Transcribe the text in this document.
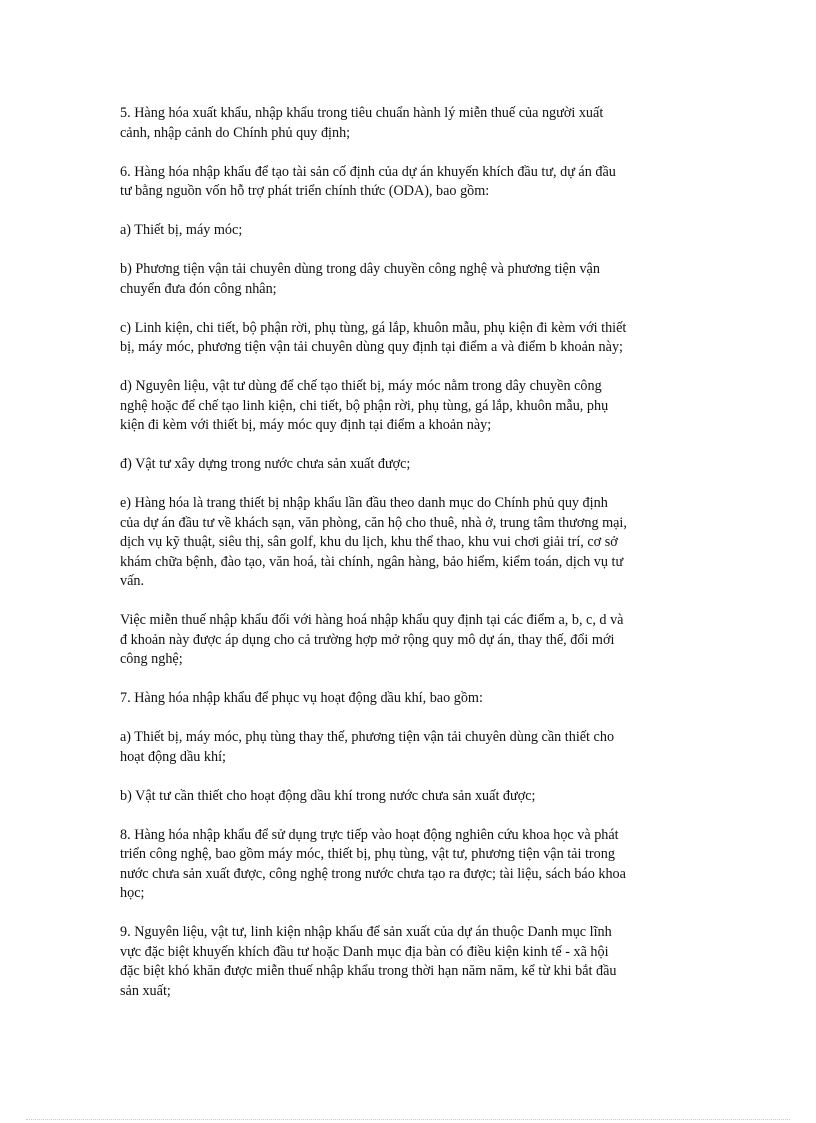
5. Hàng hóa xuất khẩu, nhập khẩu trong tiêu chuẩn hành lý miễn thuế của người xuất
cảnh, nhập cảnh do Chính phủ quy định;

6. Hàng hóa nhập khẩu để tạo tài sản cố định của dự án khuyến khích đầu tư, dự án đầu
tư bằng nguồn vốn hỗ trợ phát triển chính thức (ODA), bao gồm:

a) Thiết bị, máy móc;

b) Phương tiện vận tải chuyên dùng trong dây chuyền công nghệ và phương tiện vận
chuyển đưa đón công nhân;

c) Linh kiện, chi tiết, bộ phận rời, phụ tùng, gá lắp, khuôn mẫu, phụ kiện đi kèm với thiết
bị, máy móc, phương tiện vận tải chuyên dùng quy định tại điểm a và điểm b khoản này;

d) Nguyên liệu, vật tư dùng để chế tạo thiết bị, máy móc nằm trong dây chuyền công
nghệ hoặc để chế tạo linh kiện, chi tiết, bộ phận rời, phụ tùng, gá lắp, khuôn mẫu, phụ
kiện đi kèm với thiết bị, máy móc quy định tại điểm a khoản này;

đ) Vật tư xây dựng trong nước chưa sản xuất được;

e) Hàng hóa là trang thiết bị nhập khẩu lần đầu theo danh mục do Chính phủ quy định
của dự án đầu tư về khách sạn, văn phòng, căn hộ cho thuê, nhà ở, trung tâm thương mại,
dịch vụ kỹ thuật, siêu thị, sân golf, khu du lịch, khu thể thao, khu vui chơi giải trí, cơ sở
khám chữa bệnh, đào tạo, văn hoá, tài chính, ngân hàng, bảo hiểm, kiểm toán, dịch vụ tư
vấn.

Việc miễn thuế nhập khẩu đối với hàng hoá nhập khẩu quy định tại các điểm a, b, c, d và
đ khoản này được áp dụng cho cả trường hợp mở rộng quy mô dự án, thay thế, đổi mới
công nghệ;

7. Hàng hóa nhập khẩu để phục vụ hoạt động dầu khí, bao gồm:

a) Thiết bị, máy móc, phụ tùng thay thế, phương tiện vận tải chuyên dùng cần thiết cho
hoạt động dầu khí;

b) Vật tư cần thiết cho hoạt động dầu khí trong nước chưa sản xuất được;

8. Hàng hóa nhập khẩu để sử dụng trực tiếp vào hoạt động nghiên cứu khoa học và phát
triển công nghệ, bao gồm máy móc, thiết bị, phụ tùng, vật tư, phương tiện vận tải trong
nước chưa sản xuất được, công nghệ trong nước chưa tạo ra được; tài liệu, sách báo khoa
học;

9. Nguyên liệu, vật tư, linh kiện nhập khẩu để sản xuất của dự án thuộc Danh mục lĩnh
vực đặc biệt khuyến khích đầu tư hoặc Danh mục địa bàn có điều kiện kinh tế - xã hội
đặc biệt khó khăn được miễn thuế nhập khẩu trong thời hạn năm năm, kể từ khi bắt đầu
sản xuất;
